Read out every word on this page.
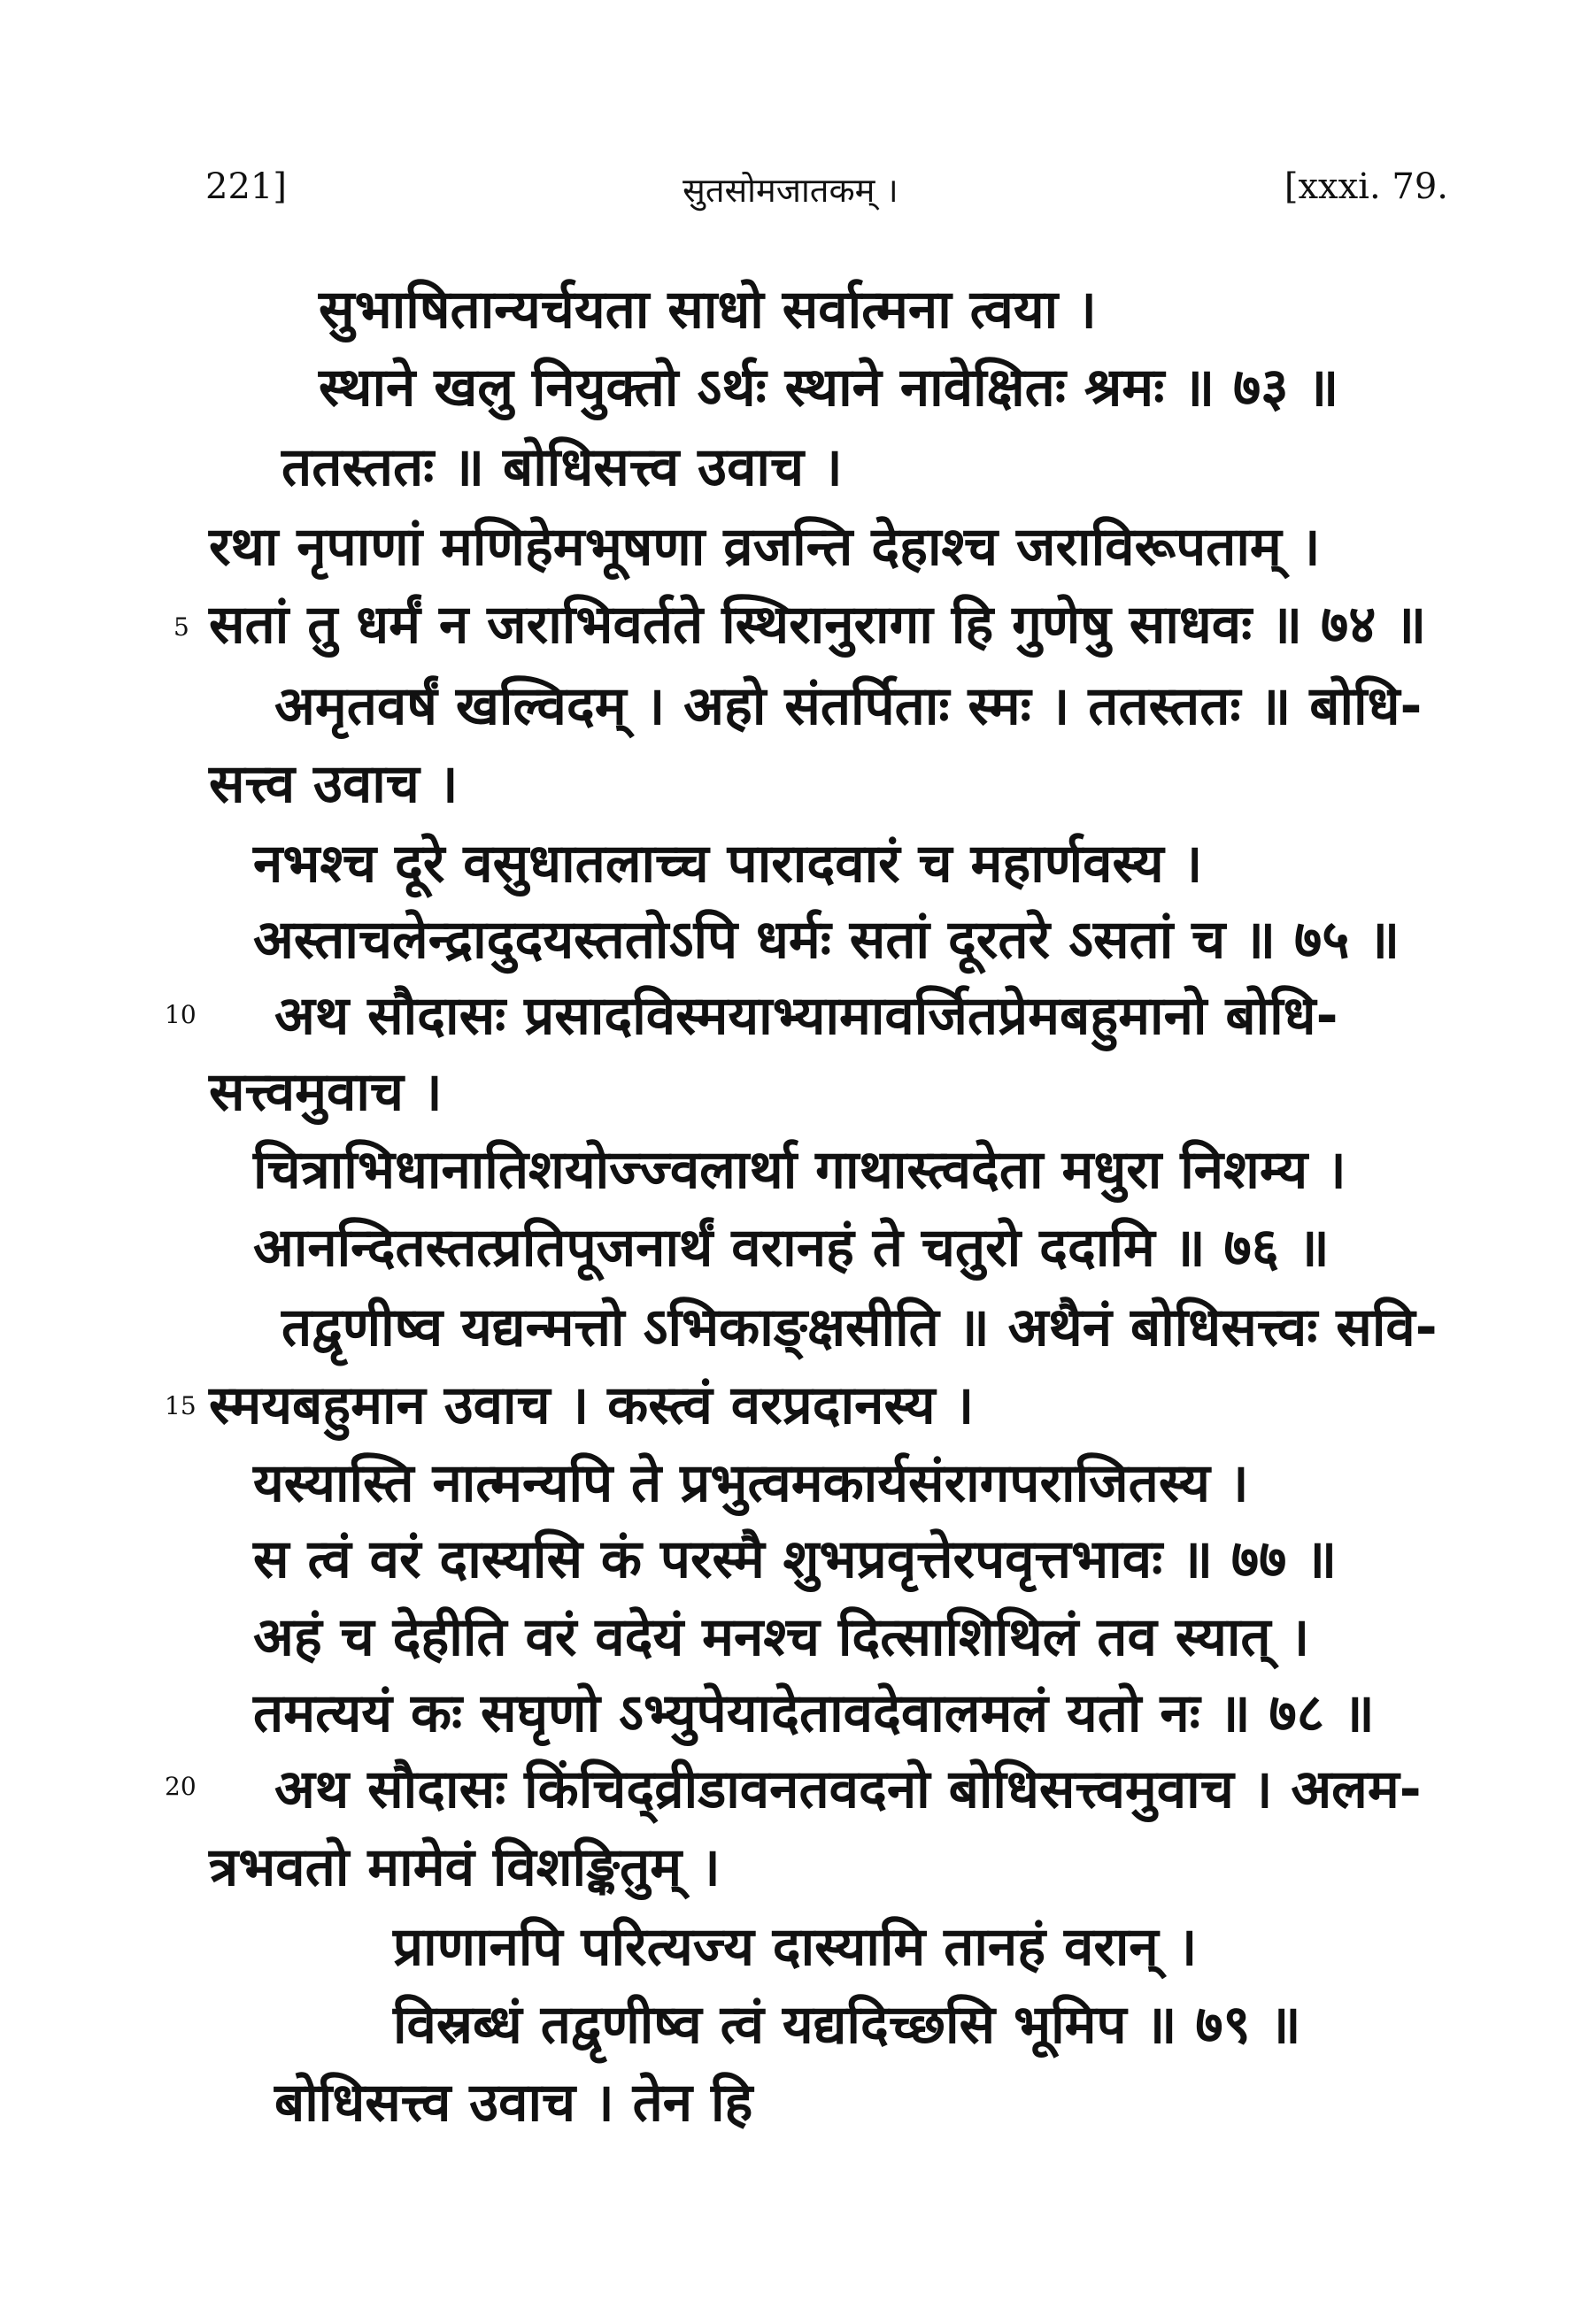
221]	सुतसोमजातकम् ।	[xxxi. 79.
5
10
15
20
सुभाषितान्यर्चयता साधो सर्वात्मना त्वया ।
स्थाने खलु नियुक्तो ऽर्थः स्थाने नावेक्षितः श्रमः ॥ ७३ ॥
ततस्ततः ॥ बोधिसत्त्व उवाच ।
रथा नृपाणां मणिहेमभूषणा व्रजन्ति देहाश्च जराविरूपताम् ।
सतां तु धर्मं न जराभिवर्तते स्थिरानुरागा हि गुणेषु साधवः ॥ ७४ ॥
अमृतवर्षं खल्विदम् । अहो संतर्पिताः स्मः । ततस्ततः ॥ बोधि-
सत्त्व उवाच ।
नभश्च दूरे वसुधातलाच्च पारादवारं च महार्णवस्य ।
अस्ताचलेन्द्रादुदयस्ततोऽपि धर्मः सतां दूरतरे ऽसतां च ॥ ७५ ॥
अथ सौदासः प्रसादविस्मयाभ्यामावर्जितप्रेमबहुमानो बोधि-
सत्त्वमुवाच ।
चित्राभिधानातिशयोज्ज्वलार्था गाथास्त्वदेता मधुरा निशम्य ।
आनन्दितस्तत्प्रतिपूजनार्थं वरानहं ते चतुरो ददामि ॥ ७६ ॥
तद्वृणीष्व यद्यन्मत्तो ऽभिकाङ्क्षसीति ॥ अथैनं बोधिसत्त्वः सवि-
स्मयबहुमान उवाच । कस्त्वं वरप्रदानस्य ।
यस्यास्ति नात्मन्यपि ते प्रभुत्वमकार्यसंरागपराजितस्य ।
स त्वं वरं दास्यसि कं परस्मै शुभप्रवृत्तेरपवृत्तभावः ॥ ७७ ॥
अहं च देहीति वरं वदेयं मनश्च दित्साशिथिलं तव स्यात् ।
तमत्ययं कः सघृणो ऽभ्युपेयादेतावदेवालमलं यतो नः ॥ ७८ ॥
अथ सौदासः किंचिद्व्रीडावनतवदनो बोधिसत्त्वमुवाच । अलम-
त्रभवतो मामेवं विशङ्कितुम् ।
प्राणानपि परित्यज्य दास्यामि तानहं वरान् ।
विस्रब्धं तद्वृणीष्व त्वं यद्यदिच्छसि भूमिप ॥ ७९ ॥
बोधिसत्त्व उवाच । तेन हि
